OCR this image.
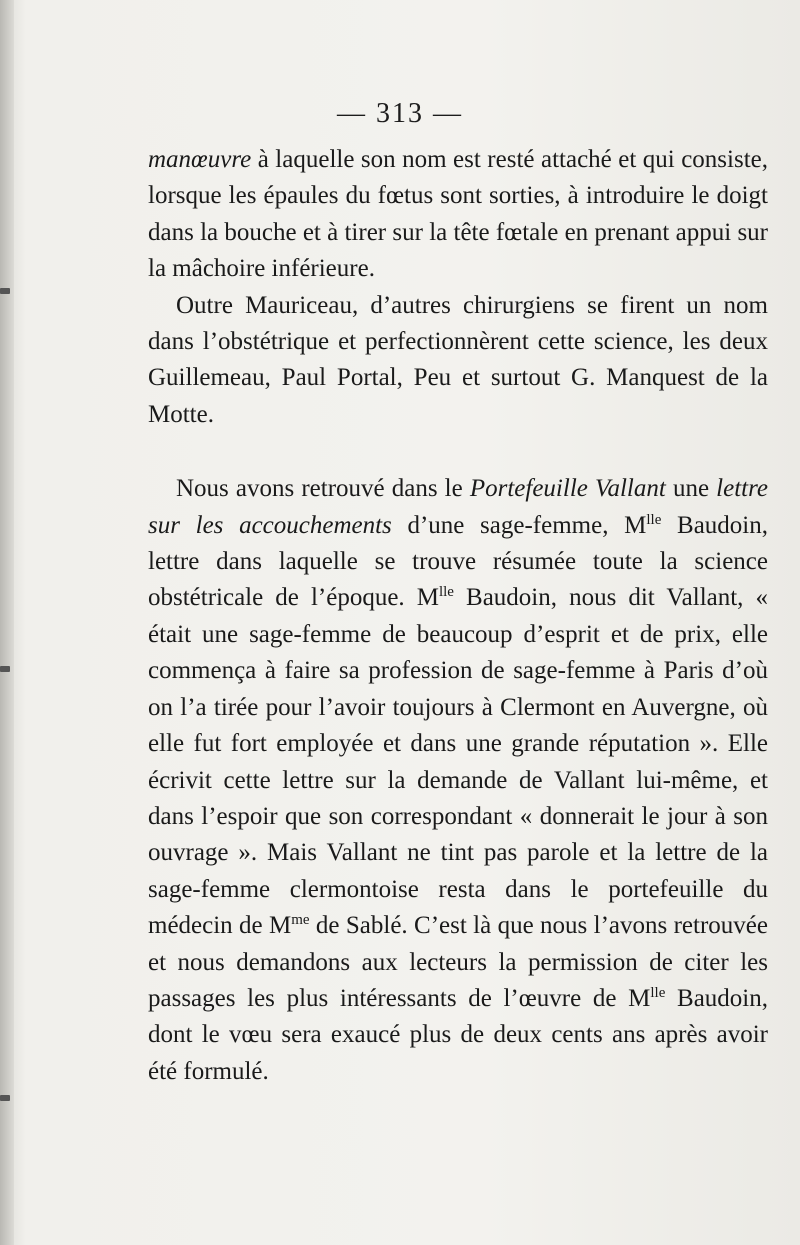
— 313 —

manœuvre à laquelle son nom est resté attaché et qui consiste, lorsque les épaules du fœtus sont sorties, à introduire le doigt dans la bouche et à tirer sur la tête fœtale en prenant appui sur la mâchoire inférieure.

Outre Mauriceau, d’autres chirurgiens se firent un nom dans l’obstétrique et perfectionnèrent cette science, les deux Guillemeau, Paul Portal, Peu et surtout G. Manquest de la Motte.

Nous avons retrouvé dans le Portefeuille Vallant une lettre sur les accouchements d’une sage-femme, $M^{lle}$ Baudoin, lettre dans laquelle se trouve résumée toute la science obstétricale de l’époque. $M^{lle}$ Baudoin, nous dit Vallant, « était une sage-femme de beaucoup d’esprit et de prix, elle commença à faire sa profession de sage-femme à Paris d’où on l’a tirée pour l’avoir toujours à Clermont en Auvergne, où elle fut fort employée et dans une grande réputation ». Elle écrivit cette lettre sur la demande de Vallant lui-même, et dans l’espoir que son correspondant « donnerait le jour à son ouvrage ». Mais Vallant ne tint pas parole et la lettre de la sage-femme clermontoise resta dans le portefeuille du médecin de $M^{me}$ de Sablé. C’est là que nous l’avons retrouvée et nous demandons aux lecteurs la permission de citer les passages les plus intéressants de l’œuvre de $M^{lle}$ Baudoin, dont le vœu sera exaucé plus de deux cents ans après avoir été formulé.
